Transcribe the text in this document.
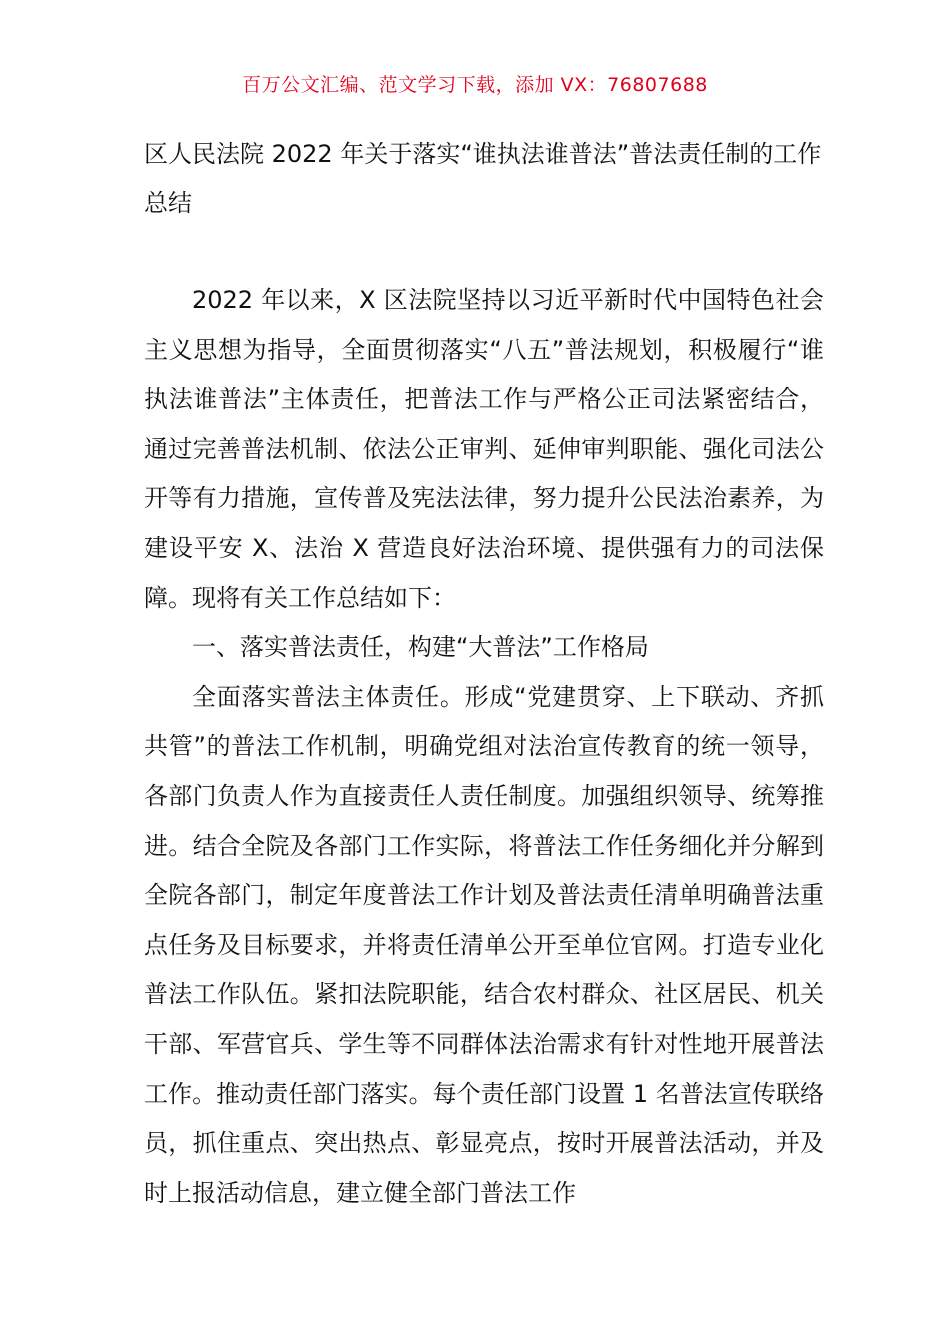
百万公文汇编、范文学习下载，添加 VX：76807688
区人民法院 2022 年关于落实“谁执法谁普法”普法责任制的工作总结

2022 年以来，X 区法院坚持以习近平新时代中国特色社会主义思想为指导，全面贯彻落实“八五”普法规划，积极履行“谁执法谁普法”主体责任，把普法工作与严格公正司法紧密结合，通过完善普法机制、依法公正审判、延伸审判职能、强化司法公开等有力措施，宣传普及宪法法律，努力提升公民法治素养，为建设平安 X、法治 X 营造良好法治环境、提供强有力的司法保障。现将有关工作总结如下：

一、落实普法责任，构建“大普法”工作格局

全面落实普法主体责任。形成“党建贯穿、上下联动、齐抓共管”的普法工作机制，明确党组对法治宣传教育的统一领导，各部门负责人作为直接责任人责任制度。加强组织领导、统筹推进。结合全院及各部门工作实际，将普法工作任务细化并分解到全院各部门，制定年度普法工作计划及普法责任清单明确普法重点任务及目标要求，并将责任清单公开至单位官网。打造专业化普法工作队伍。紧扣法院职能，结合农村群众、社区居民、机关干部、军营官兵、学生等不同群体法治需求有针对性地开展普法工作。推动责任部门落实。每个责任部门设置 1 名普法宣传联络员，抓住重点、突出热点、彰显亮点，按时开展普法活动，并及时上报活动信息，建立健全部门普法工作
